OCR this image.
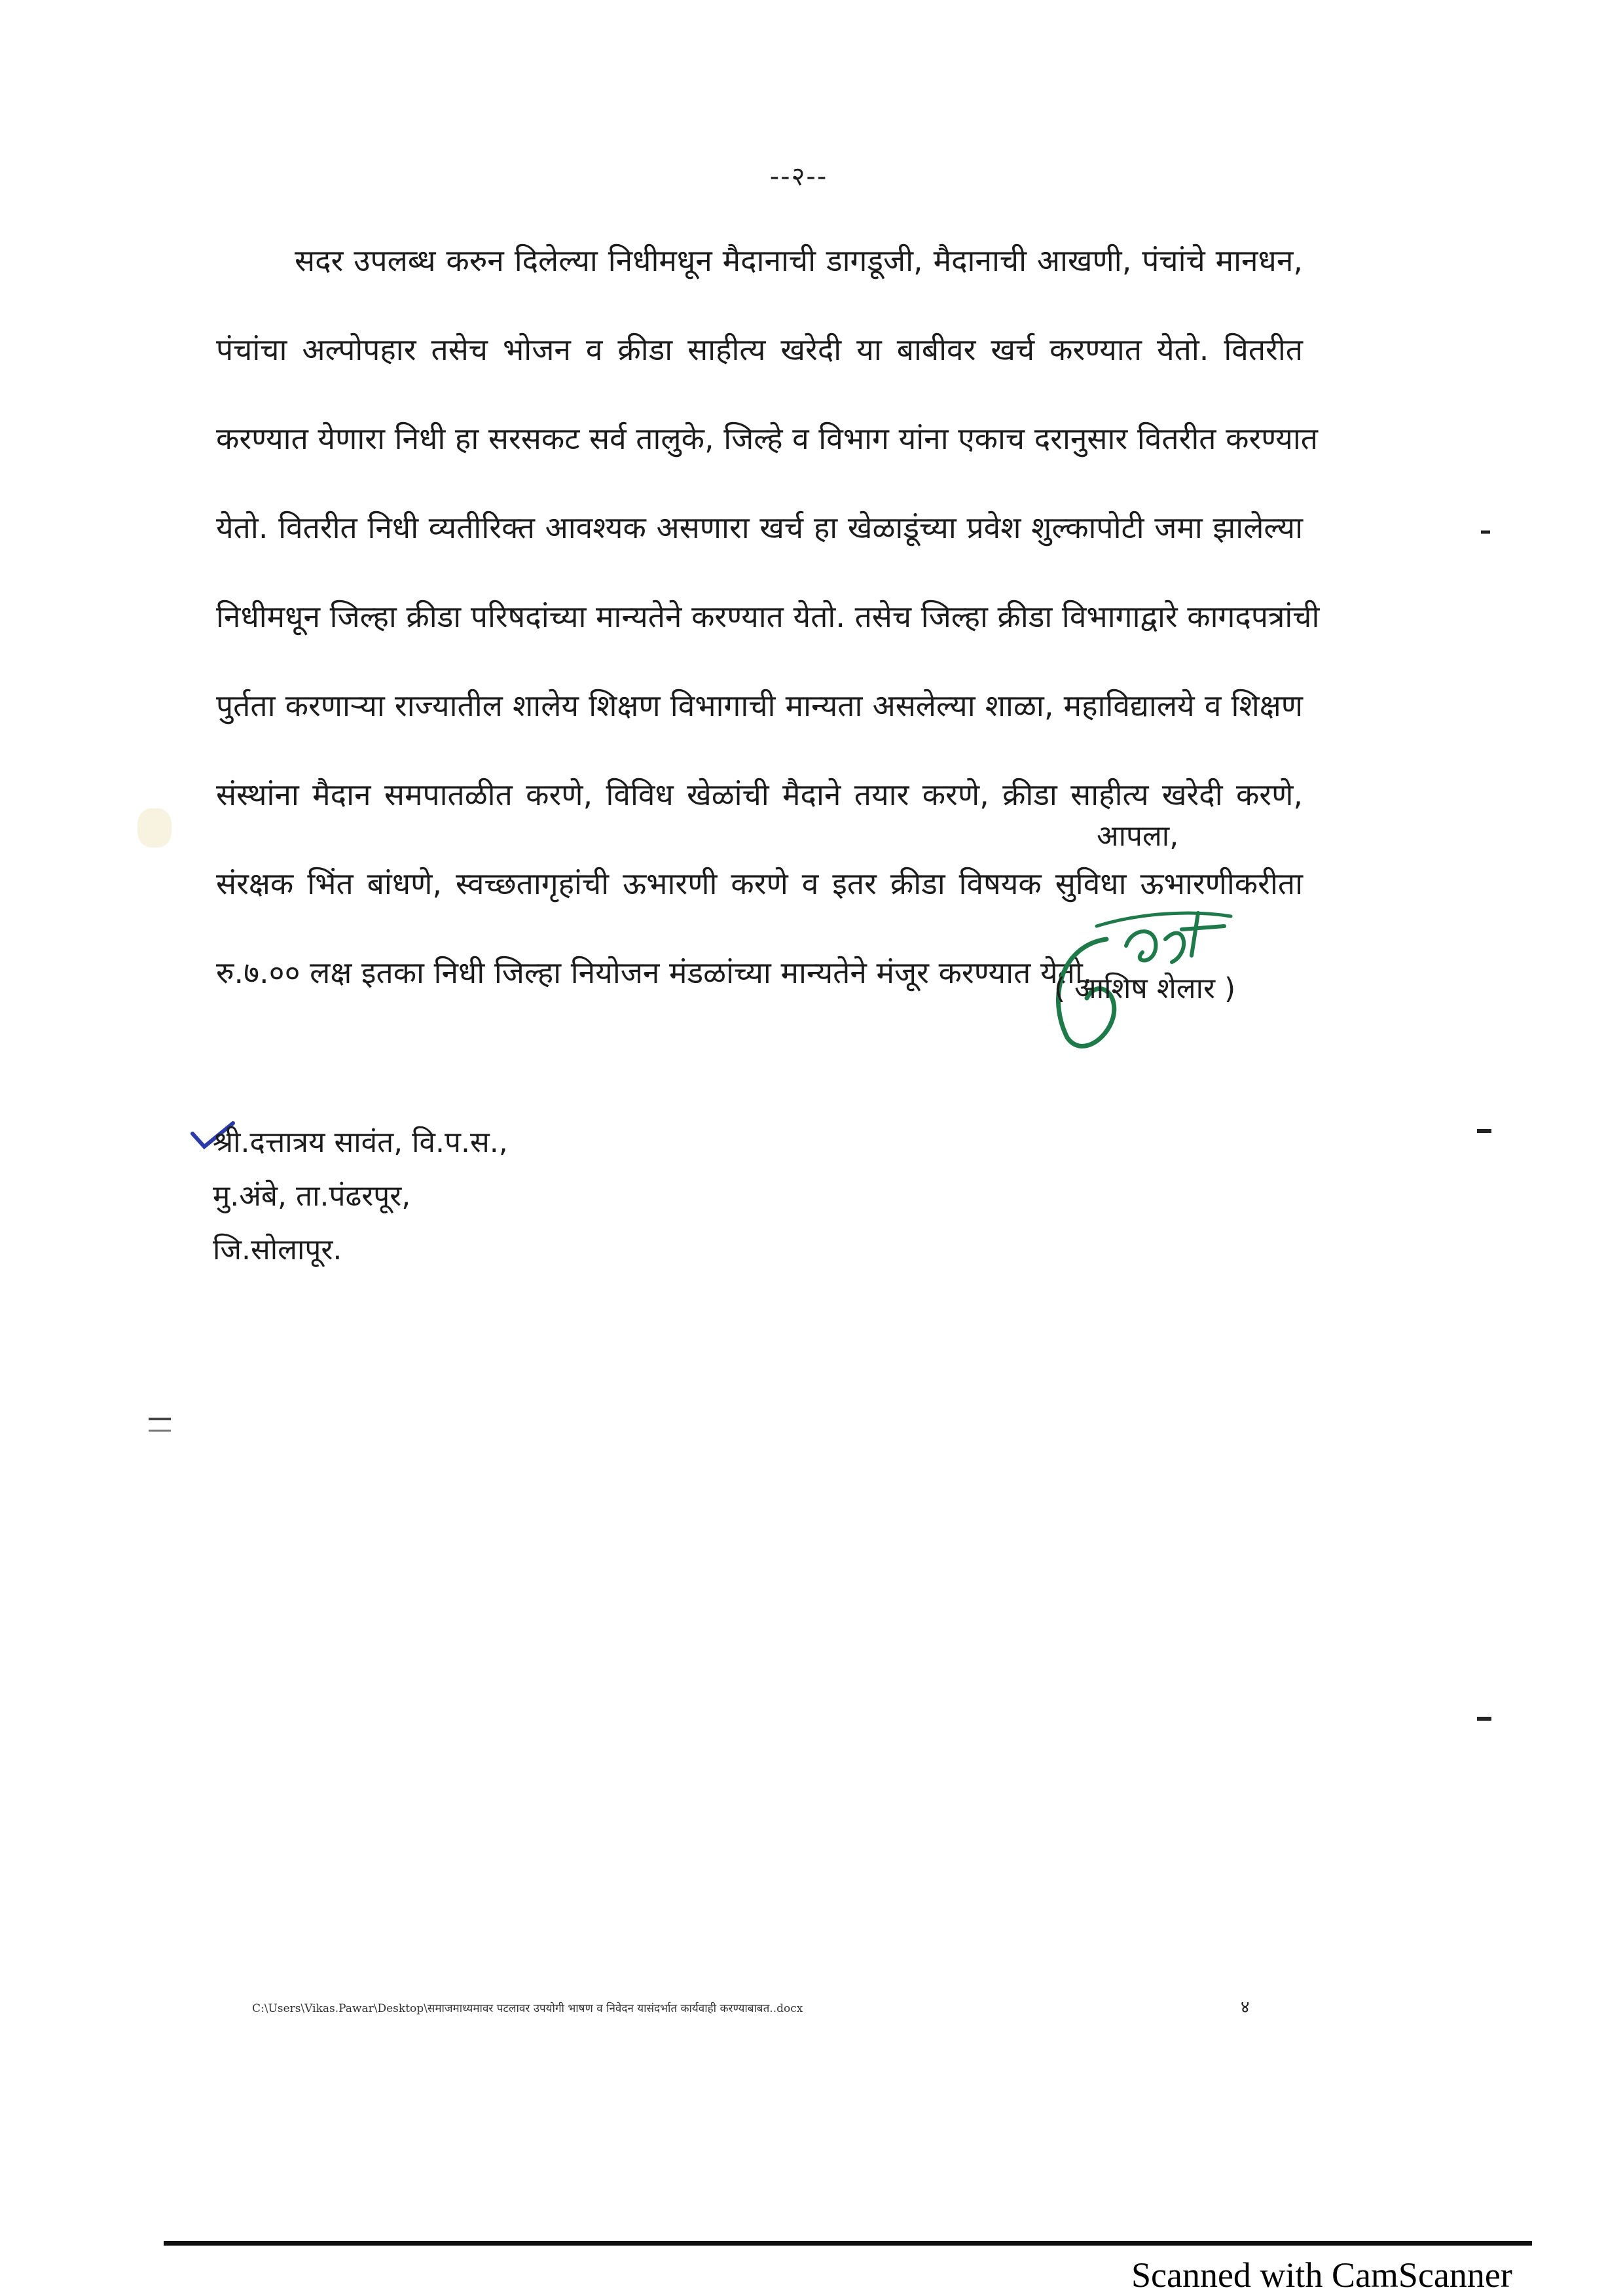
--२--
सदर उपलब्ध करुन दिलेल्या निधीमधून मैदानाची डागडूजी, मैदानाची आखणी, पंचांचे मानधन,
पंचांचा अल्पोपहार तसेच भोजन व क्रीडा साहीत्य खरेदी या बाबीवर खर्च करण्यात येतो. वितरीत
करण्यात येणारा निधी हा सरसकट सर्व तालुके, जिल्हे व विभाग यांना एकाच दरानुसार वितरीत करण्यात
येतो. वितरीत निधी व्यतीरिक्त आवश्यक असणारा खर्च हा खेळाडूंच्या प्रवेश शुल्कापोटी जमा झालेल्या
निधीमधून जिल्हा क्रीडा परिषदांच्या मान्यतेने करण्यात येतो. तसेच जिल्हा क्रीडा विभागाद्वारे कागदपत्रांची
पुर्तता करणाऱ्या राज्यातील शालेय शिक्षण विभागाची मान्यता असलेल्या शाळा, महाविद्यालये व शिक्षण
संस्थांना मैदान समपातळीत करणे, विविध खेळांची मैदाने तयार करणे, क्रीडा साहीत्य खरेदी करणे,
संरक्षक भिंत बांधणे, स्वच्छतागृहांची ऊभारणी करणे व इतर क्रीडा विषयक सुविधा ऊभारणीकरीता
रु.७.०० लक्ष इतका निधी जिल्हा नियोजन मंडळांच्या मान्यतेने मंजूर करण्यात येतो.
आपला,
( आशिष शेलार )
श्री.दत्तात्रय सावंत, वि.प.स.,
मु.अंबे, ता.पंढरपूर,
जि.सोलापूर.
C:\Users\Vikas.Pawar\Desktop\समाजमाध्यमावर पटलावर उपयोगी भाषण व निवेदन यासंदर्भात कार्यवाही करण्याबाबत..docx	४
Scanned with CamScanner
